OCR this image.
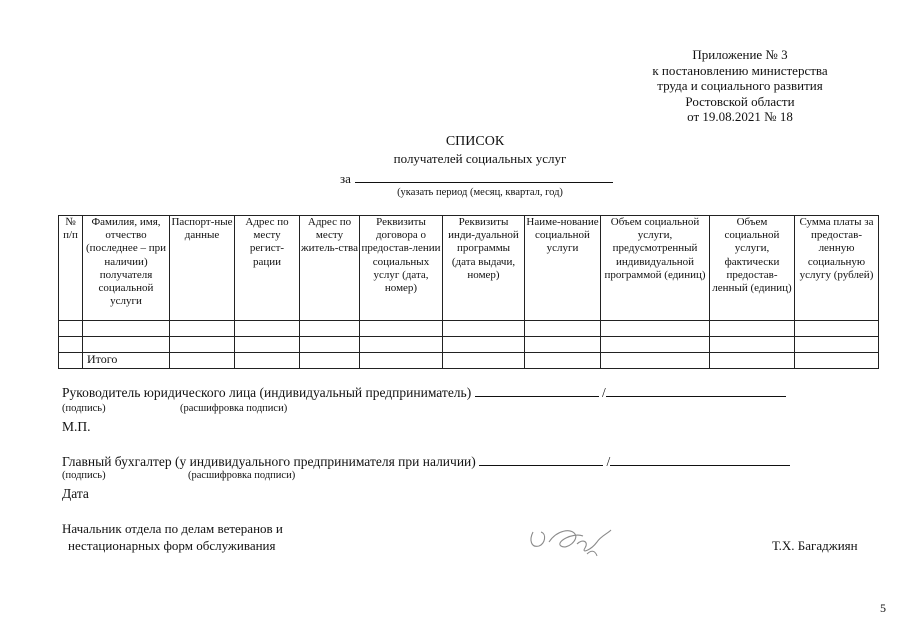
Приложение № 3
к постановлению министерства
труда и социального развития
Ростовской области
от 19.08.2021 № 18
СПИСОК
получателей социальных услуг
за
(указать период (месяц, квартал, год)
№ п/п	Фамилия, имя, отчество (последнее – при наличии) получателя социальной услуги	Паспорт-ные данные	Адрес по месту регист-рации	Адрес по месту житель-ства	Реквизиты договора о предостав-лении социальных услуг (дата, номер)	Реквизиты инди-дуальной программы (дата выдачи, номер)	Наиме-нование социальной услуги	Объем социальной услуги, предусмотренный индивидуальной программой (единиц)	Объем социальной услуги, фактически предостав-ленный (единиц)	Сумма платы за предостав-ленную социальную услугу (рублей)

	Итого									
Руководитель юридического лица (индивидуальный предприниматель)	/
(подпись)	(расшифровка подписи)
М.П.
Главный бухгалтер (у индивидуального предпринимателя при наличии)	/
(подпись)	(расшифровка подписи)
Дата
Начальник отдела по делам ветеранов и
нестационарных форм обслуживания	Т.Х. Багаджиян
5
